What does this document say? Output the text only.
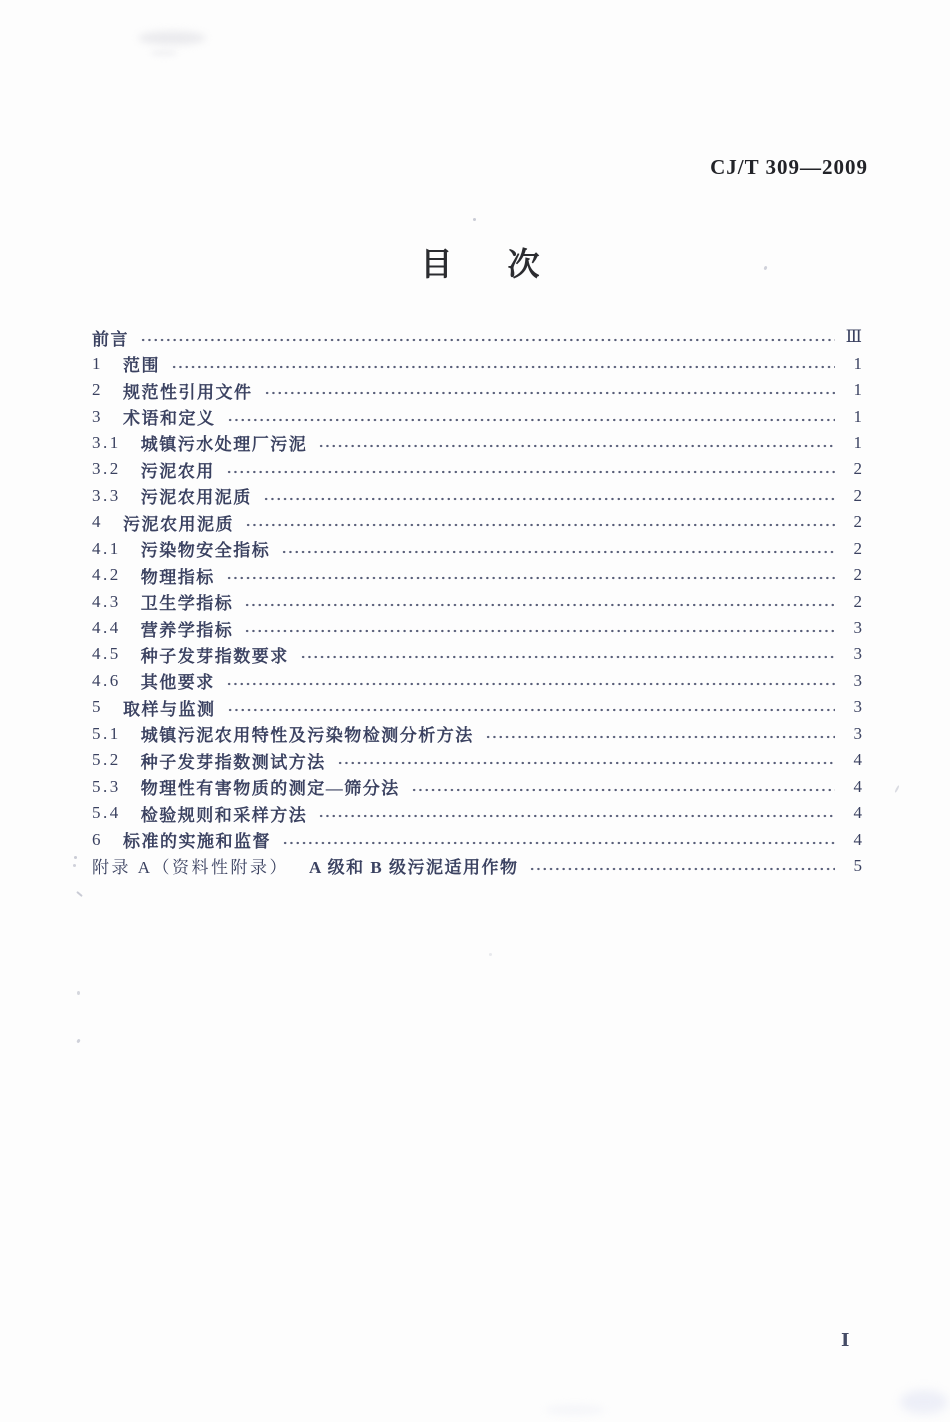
CJ/T 309—2009
目 次
前言	Ⅲ
1 范围	1
2 规范性引用文件	1
3 术语和定义	1
3.1 城镇污水处理厂污泥	1
3.2 污泥农用	2
3.3 污泥农用泥质	2
4 污泥农用泥质	2
4.1 污染物安全指标	2
4.2 物理指标	2
4.3 卫生学指标	2
4.4 营养学指标	3
4.5 种子发芽指数要求	3
4.6 其他要求	3
5 取样与监测	3
5.1 城镇污泥农用特性及污染物检测分析方法	3
5.2 种子发芽指数测试方法	4
5.3 物理性有害物质的测定—筛分法	4
5.4 检验规则和采样方法	4
6 标准的实施和监督	4
附录 A（资料性附录） A 级和 B 级污泥适用作物	5
Ⅰ
